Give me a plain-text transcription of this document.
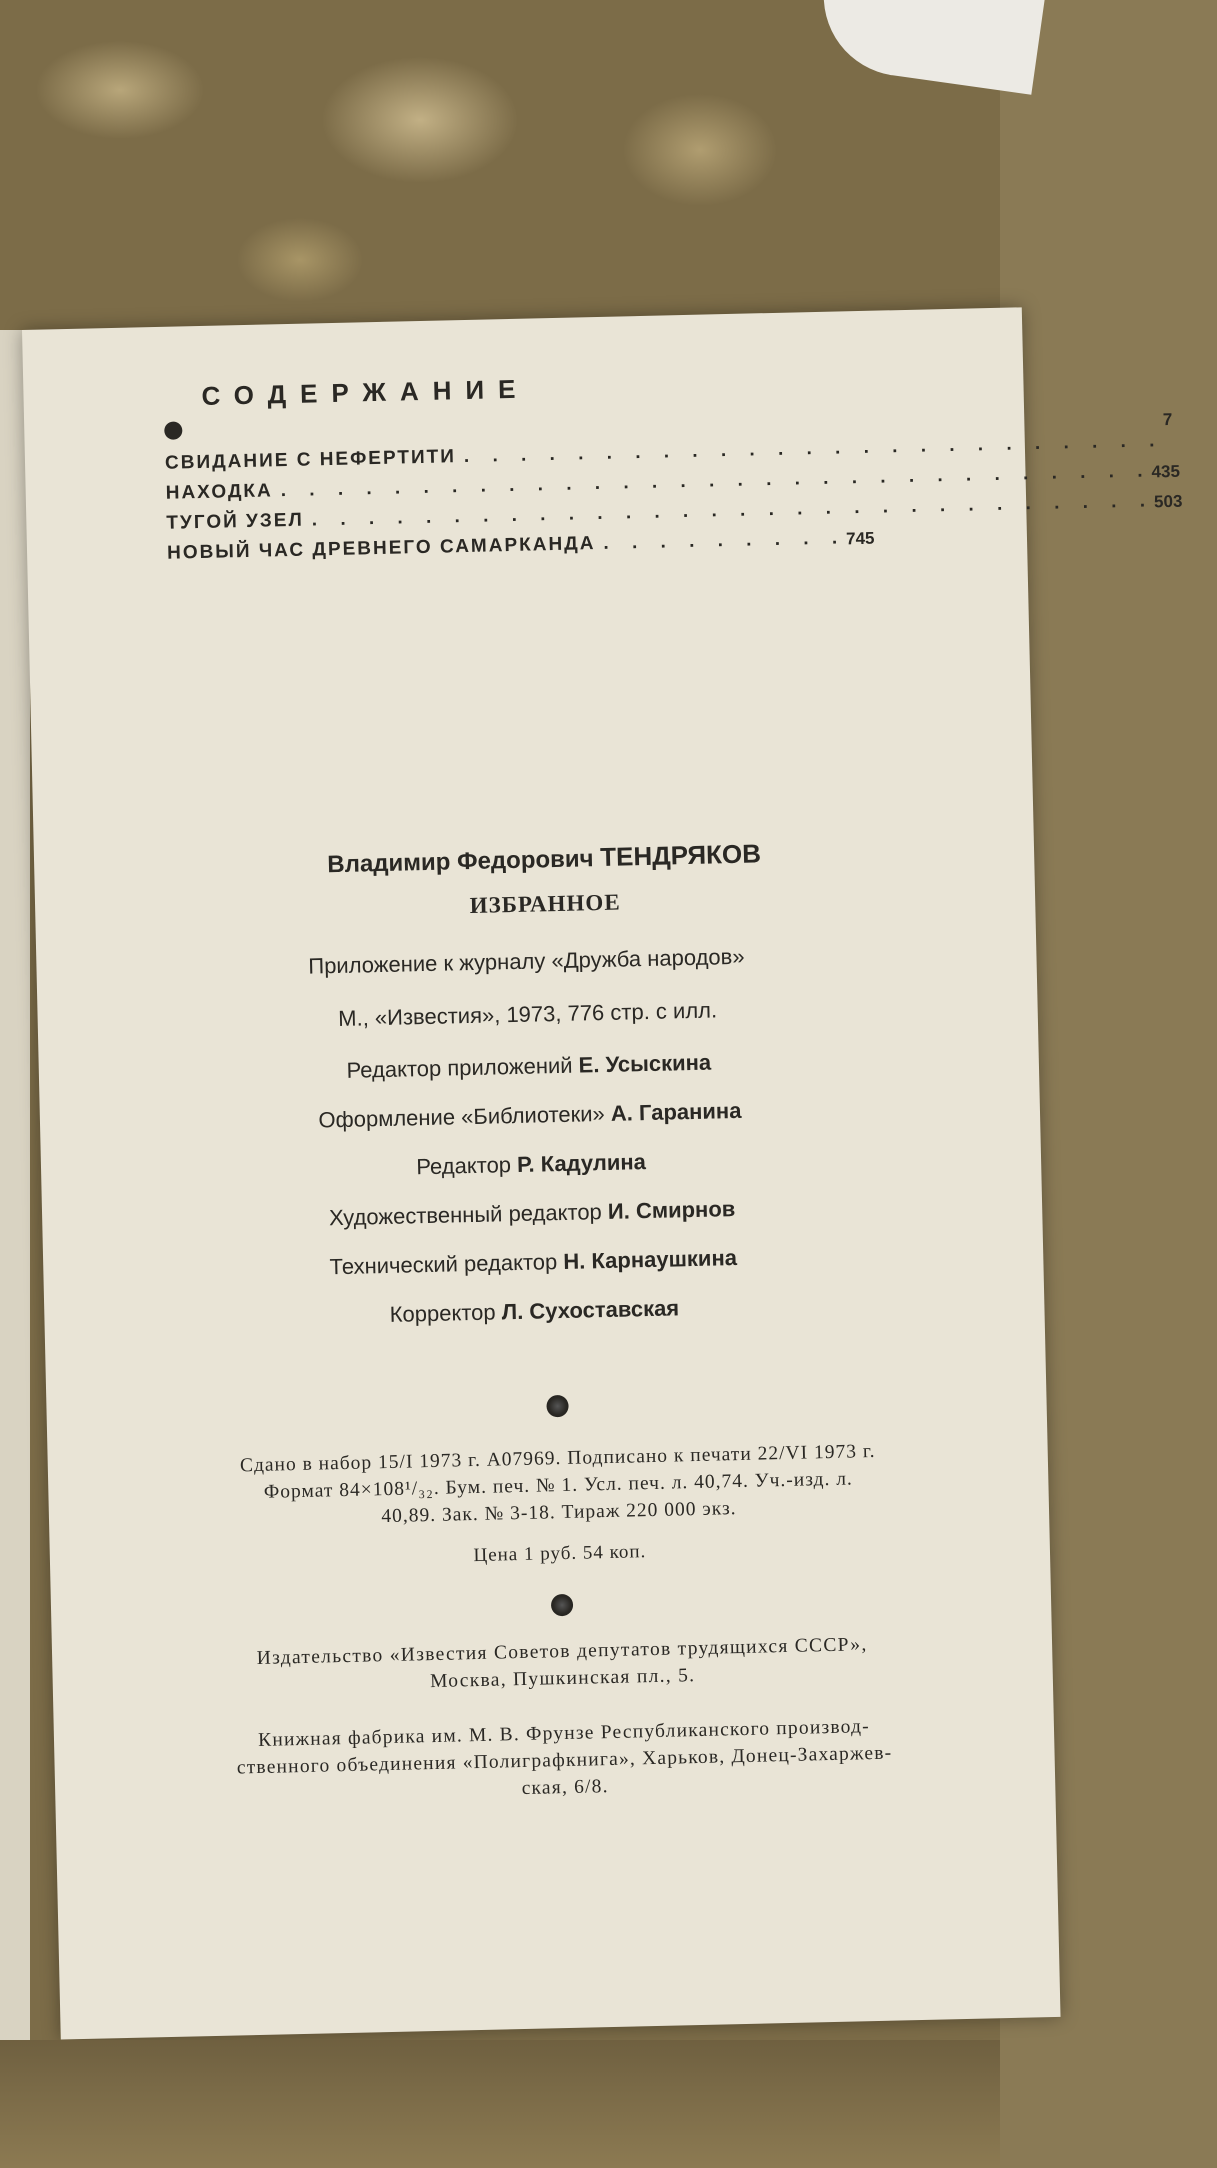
СОДЕРЖАНИЕ
СВИДАНИЕ С НЕФЕРТИТИ . . . . . . . . . . . . . . . . . . . . . . . . .
7
НАХОДКА . . . . . . . . . . . . . . . . . . . . . . . . . . . . . . . 435
ТУГОЙ УЗЕЛ . . . . . . . . . . . . . . . . . . . . . . . . . . . . . . 503
НОВЫЙ ЧАС ДРЕВНЕГО САМАРКАНДА . . . . . . . . . 745
Владимир Федорович ТЕНДРЯКОВ
ИЗБРАННОЕ
Приложение к журналу «Дружба народов»
М., «Известия», 1973, 776 стр. с илл.
Редактор приложений Е. Усыскина
Оформление «Библиотеки» А. Гаранина
Редактор Р. Кадулина
Художественный редактор И. Смирнов
Технический редактор Н. Карнаушкина
Корректор Л. Сухоставская
Сдано в набор 15/I 1973 г. А07969. Подписано к печати 22/VI 1973 г.
Формат 84×108¹/₃₂. Бум. печ. № 1. Усл. печ. л. 40,74. Уч.-изд. л.
40,89. Зак. № 3-18. Тираж 220 000 экз.
Цена 1 руб. 54 коп.
Издательство «Известия Советов депутатов трудящихся СССР»,
Москва, Пушкинская пл., 5.
Книжная фабрика им. М. В. Фрунзе Республиканского производ-
ственного объединения «Полиграфкнига», Харьков, Донец-Захаржев-
ская, 6/8.
